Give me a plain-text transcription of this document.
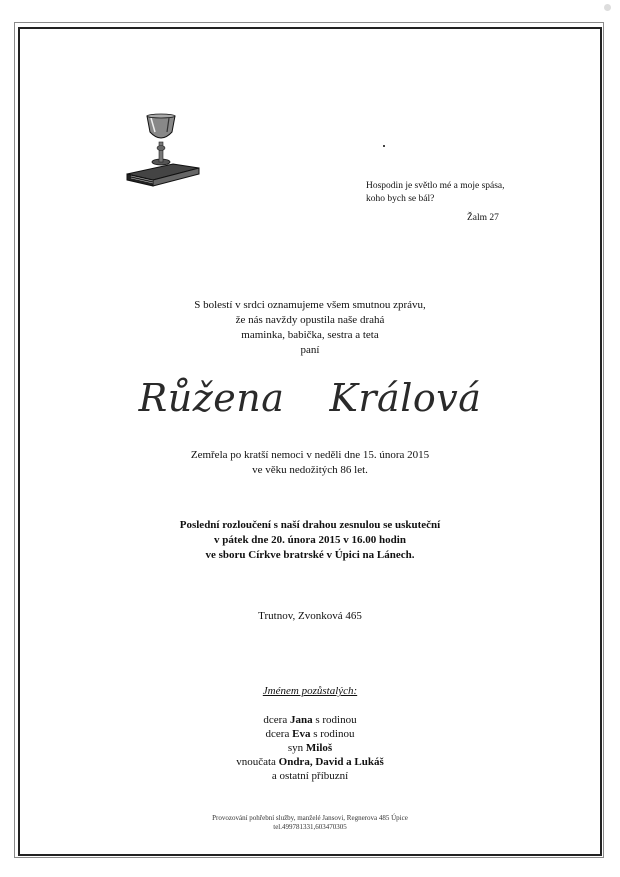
Hospodin je světlo mé a moje spása,
koho bych se bál?
Žalm 27
S bolestí v srdci oznamujeme všem smutnou zprávu,
že nás navždy opustila naše drahá
maminka, babička, sestra a teta
paní
Růžena  Králová
Zemřela po kratší nemoci v neděli dne 15. února 2015
ve věku nedožitých 86 let.
Poslední rozloučení s naší drahou zesnulou se uskuteční
v pátek dne 20. února 2015 v 16.00 hodin
ve sboru Církve bratrské v Úpici na Lánech.
Trutnov, Zvonková 465
Jménem pozůstalých:
dcera Jana s rodinou
dcera Eva s rodinou
syn Miloš
vnoučata Ondra, David a Lukáš
a ostatní příbuzní
Provozování pohřební služby, manželé Jansovi, Regnerova 485 Úpice
tel.499781331,603470305
